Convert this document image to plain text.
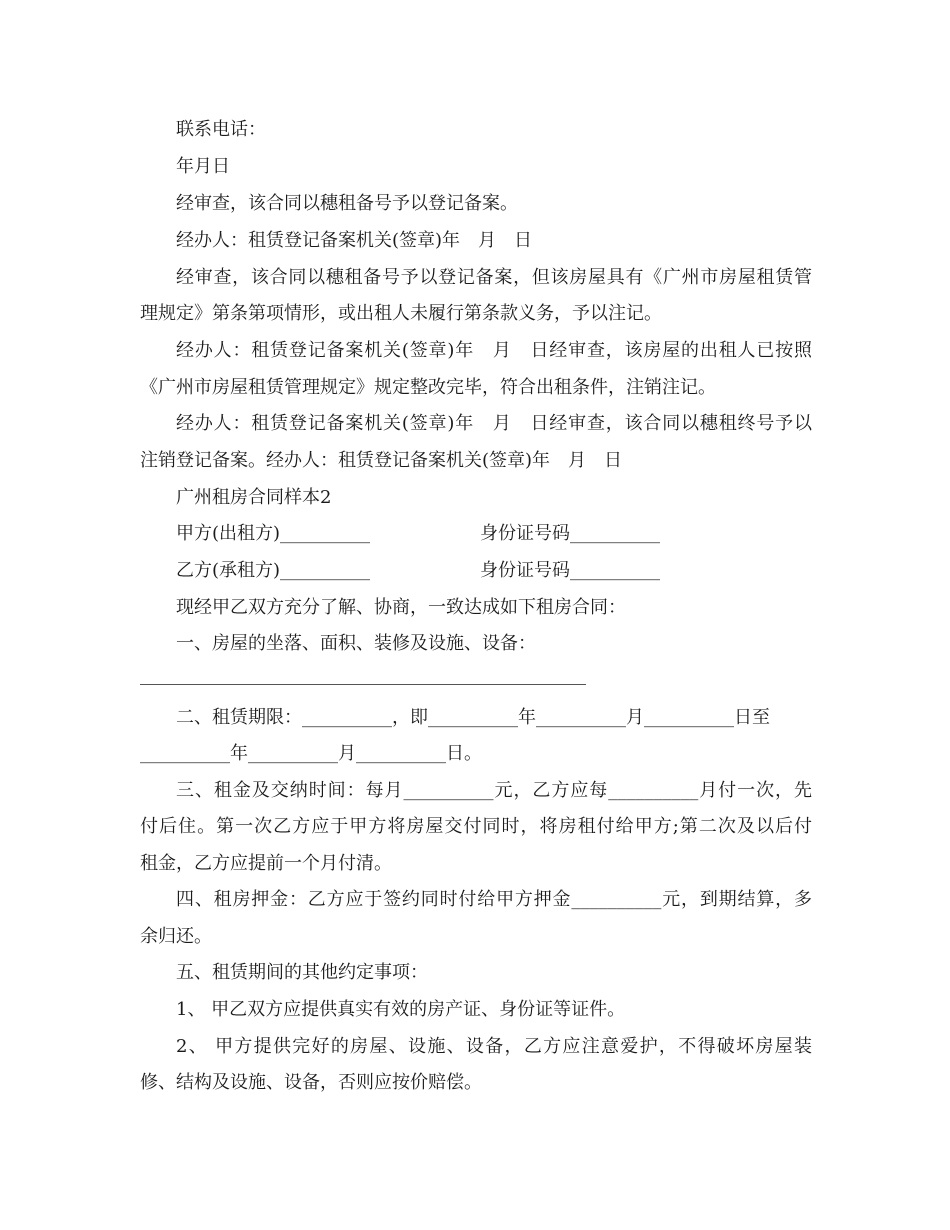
联系电话：
年月日
经审查，该合同以穗租备号予以登记备案。
经办人：租赁登记备案机关(签章)年　月　日
经审查，该合同以穗租备号予以登记备案，但该房屋具有《广州市房屋租赁管
理规定》第条第项情形，或出租人未履行第条款义务，予以注记。
经办人：租赁登记备案机关(签章)年　月　日经审查，该房屋的出租人已按照
《广州市房屋租赁管理规定》规定整改完毕，符合出租条件，注销注记。
经办人：租赁登记备案机关(签章)年　月　日经审查，该合同以穗租终号予以
注销登记备案。经办人：租赁登记备案机关(签章)年　月　日
广州租房合同样本2
甲方(出租方)__________	身份证号码__________
乙方(承租方)__________	身份证号码__________
现经甲乙双方充分了解、协商，一致达成如下租房合同：
一、房屋的坐落、面积、装修及设施、设备：
二、租赁期限：__________，即__________年__________月__________日至
__________年__________月__________日。
三、租金及交纳时间：每月__________元，乙方应每__________月付一次，先
付后住。第一次乙方应于甲方将房屋交付同时，将房租付给甲方;第二次及以后付
租金，乙方应提前一个月付清。
四、租房押金：乙方应于签约同时付给甲方押金__________元，到期结算，多
余归还。
五、租赁期间的其他约定事项：
1、 甲乙双方应提供真实有效的房产证、身份证等证件。
2、 甲方提供完好的房屋、设施、设备，乙方应注意爱护，不得破坏房屋装
修、结构及设施、设备，否则应按价赔偿。
